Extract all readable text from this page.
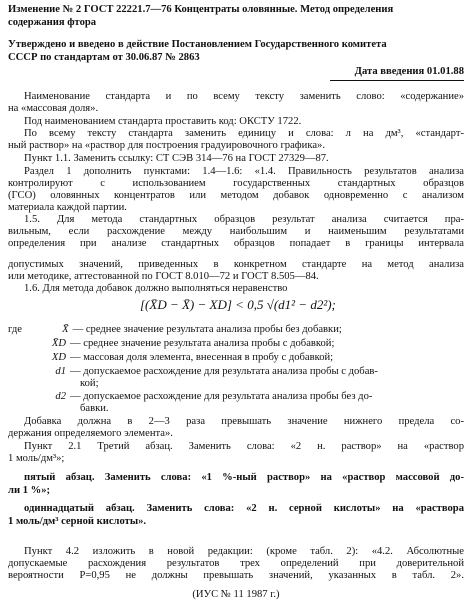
Изменение № 2 ГОСТ 22221.7—76 Концентраты оловянные. Метод определения
содержания фтора
Утверждено и введено в действие Постановлением Государственного комитета
СССР по стандартам от 30.06.87 № 2863
Дата введения 01.01.88
Наименование стандарта и по всему тексту заменить слово: «содержание»
на «массовая доля».
Под наименованием стандарта проставить код: ОКСТУ 1722.
По всему тексту стандарта заменить единицу и слова: л на дм³, «стандарт-
ный раствор» на «раствор для построения градуировочного графика».
Пункт 1.1. Заменить ссылку: СТ СЭВ 314—76 на ГОСТ 27329—87.
Раздел 1 дополнить пунктами: 1.4—1.6: «1.4. Правильность результатов анализа
контролируют с использованием государственных стандартных образцов
(ГСО) оловянных концентратов или методом добавок одновременно с анализом
материала каждой партии.
1.5. Для метода стандартных образцов результат анализа считается пра-
вильным, если расхождение между наибольшим и наименьшим результатами
определения при анализе стандартных образцов попадает в границы интервала
допустимых значений, приведенных в конкретном стандарте на метод анализа
или методике, аттестованной по ГОСТ 8.010—72 и ГОСТ 8.505—84.
1.6. Для метода добавок должно выполняться неравенство
[(X̄D − X̄) − XD] < 0,5 √(d1² − d2²);
где	X̄ — среднее значение результата анализа пробы без добавки;
X̄D — среднее значение результата анализа пробы с добавкой;
XD — массовая доля элемента, внесенная в пробу с добавкой;
d1 — допускаемое расхождение для результата анализа пробы с добав-
кой;
d2 — допускаемое расхождение для результата анализа пробы без до-
бавки.
Добавка должна в 2—3 раза превышать значение нижнего предела со-
держания определяемого элемента».
Пункт 2.1 Третий абзац. Заменить слова: «2 н. раствор» на «раствор
1 моль/дм³»;
пятый абзац. Заменить слова: «1 %-ный раствор» на «раствор массовой до-
ли 1 %»;
одиннадцатый абзац. Заменить слова: «2 н. серной кислоты» на «раствора
1 моль/дм³ серной кислоты».
Пункт 4.2 изложить в новой редакции: (кроме табл. 2): «4.2. Абсолютные
допускаемые расхождения результатов трех определений при доверительной
вероятности P=0,95 не должны превышать значений, указанных в табл. 2».
(ИУС № 11 1987 г.)
